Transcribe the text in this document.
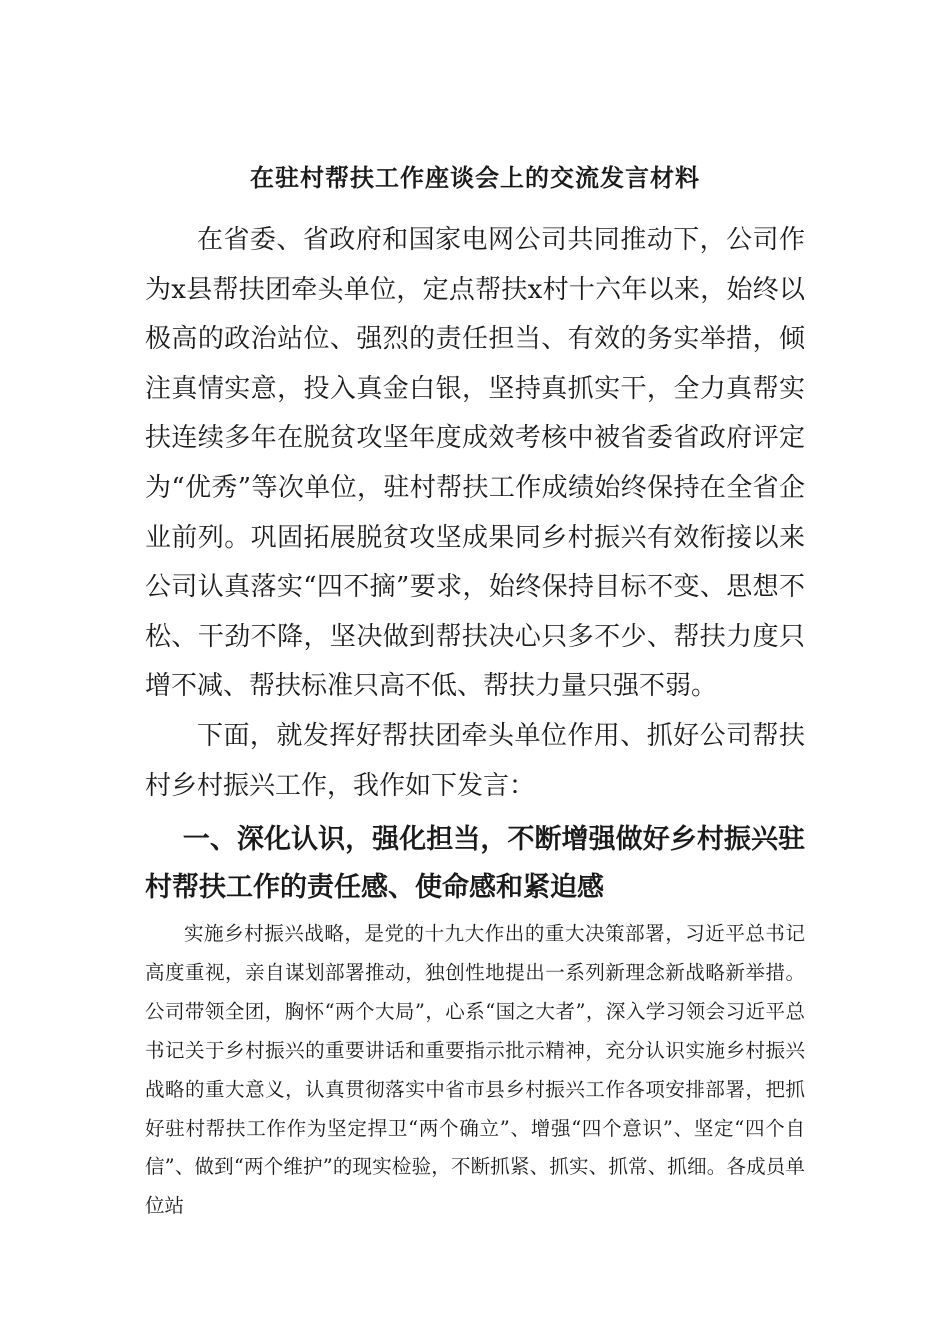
在驻村帮扶工作座谈会上的交流发言材料

在省委、省政府和国家电网公司共同推动下，公司作为x县帮扶团牵头单位，定点帮扶x村十六年以来，始终以极高的政治站位、强烈的责任担当、有效的务实举措，倾注真情实意，投入真金白银，坚持真抓实干，全力真帮实扶连续多年在脱贫攻坚年度成效考核中被省委省政府评定为“优秀”等次单位，驻村帮扶工作成绩始终保持在全省企业前列。巩固拓展脱贫攻坚成果同乡村振兴有效衔接以来公司认真落实“四不摘”要求，始终保持目标不变、思想不松、干劲不降，坚决做到帮扶决心只多不少、帮扶力度只增不减、帮扶标准只高不低、帮扶力量只强不弱。

下面，就发挥好帮扶团牵头单位作用、抓好公司帮扶村乡村振兴工作，我作如下发言：

一、深化认识，强化担当，不断增强做好乡村振兴驻村帮扶工作的责任感、使命感和紧迫感

实施乡村振兴战略，是党的十九大作出的重大决策部署，习近平总书记高度重视，亲自谋划部署推动，独创性地提出一系列新理念新战略新举措。公司带领全团，胸怀“两个大局”，心系“国之大者”，深入学习领会习近平总书记关于乡村振兴的重要讲话和重要指示批示精神，充分认识实施乡村振兴战略的重大意义，认真贯彻落实中省市县乡村振兴工作各项安排部署，把抓好驻村帮扶工作作为坚定捍卫“两个确立”、增强“四个意识”、坚定“四个自信”、做到“两个维护”的现实检验，不断抓紧、抓实、抓常、抓细。各成员单位站
